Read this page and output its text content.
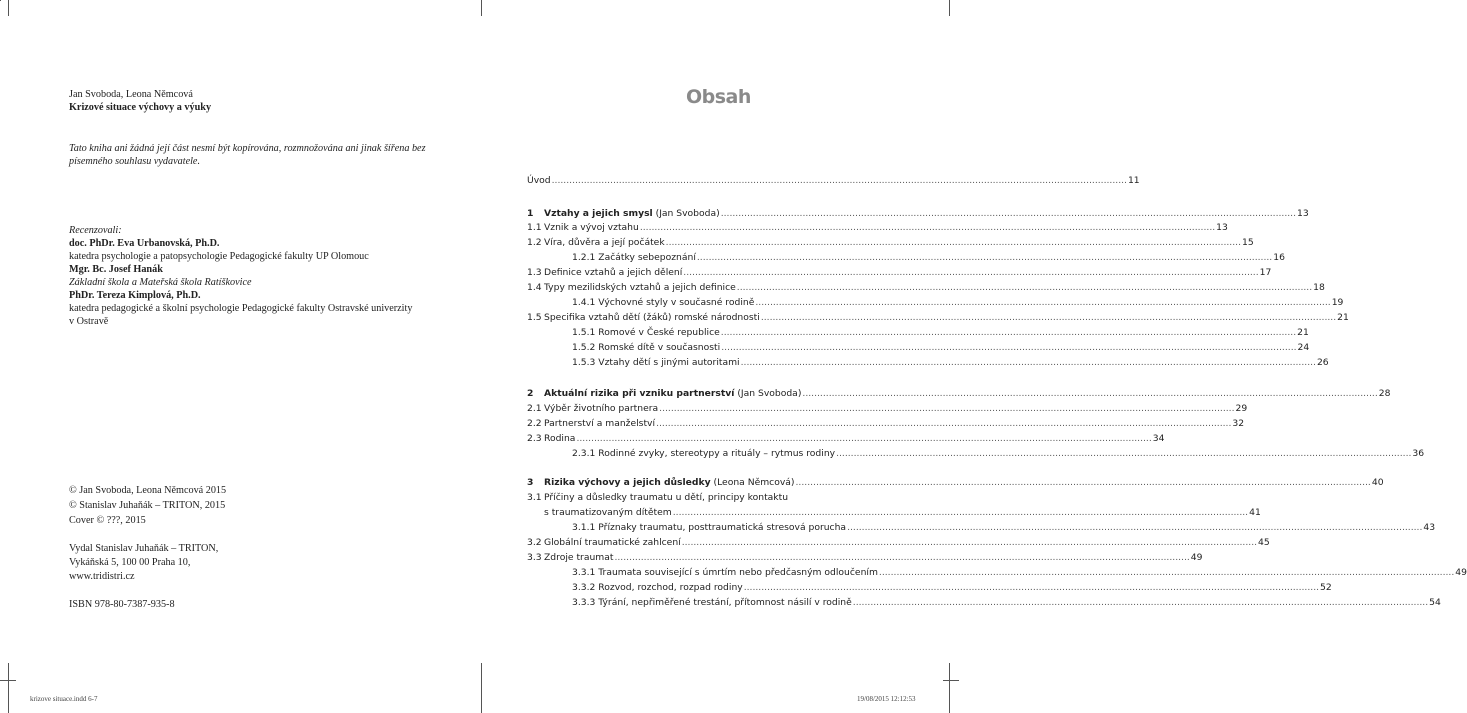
Jan Svoboda, Leona Němcová
Krizové situace výchovy a výuky
Tato kniha ani žádná její část nesmí být kopírována, rozmnožována ani jinak šířena bez
písemného souhlasu vydavatele.
Recenzovali:
doc. PhDr. Eva Urbanovská, Ph.D.
katedra psychologie a patopsychologie Pedagogické fakulty UP Olomouc
Mgr. Bc. Josef Hanák
Základní škola a Mateřská škola Ratíškovice
PhDr. Tereza Kimplová, Ph.D.
katedra pedagogické a školní psychologie Pedagogické fakulty Ostravské univerzity
v Ostravě
© Jan Svoboda, Leona Němcová 2015
© Stanislav Juhaňák – TRITON, 2015
Cover © ???, 2015
Vydal Stanislav Juhaňák – TRITON,
Vykáňská 5, 100 00 Praha 10,
www.tridistri.cz
ISBN 978-80-7387-935-8
Obsah
Úvod .....	11
1	Vztahy a jejich smysl (Jan Svoboda) .....	13
1.1 Vznik a vývoj vztahu .....	13
1.2 Víra, důvěra a její počátek .....	15
1.2.1 Začátky sebepoznání .....	16
1.3 Definice vztahů a jejich dělení .....	17
1.4 Typy mezilidských vztahů a jejich definice .....	18
1.4.1 Výchovné styly v současné rodině .....	19
1.5 Specifika vztahů dětí (žáků) romské národnosti .....	21
1.5.1 Romové v České republice .....	21
1.5.2 Romské dítě v současnosti .....	24
1.5.3 Vztahy dětí s jinými autoritami .....	26
2	Aktuální rizika při vzniku partnerství (Jan Svoboda) .....	28
2.1 Výběr životního partnera .....	29
2.2 Partnerství a manželství .....	32
2.3 Rodina .....	34
2.3.1 Rodinné zvyky, stereotypy a rituály – rytmus rodiny .....	36
3	Rizika výchovy a jejich důsledky (Leona Němcová) .....	40
3.1 Příčiny a důsledky traumatu u dětí, principy kontaktu
s traumatizovaným dítětem .....	41
3.1.1 Příznaky traumatu, posttraumatická stresová porucha .....	43
3.2 Globální traumatické zahlcení .....	45
3.3 Zdroje traumat .....	49
3.3.1 Traumata související s úmrtím nebo předčasným odloučením .....	49
3.3.2 Rozvod, rozchod, rozpad rodiny .....	52
3.3.3 Týrání, nepřiměřené trestání, přítomnost násilí v rodině .....	54
krizove situace.indd 6-7	19/08/2015 12:12:53
